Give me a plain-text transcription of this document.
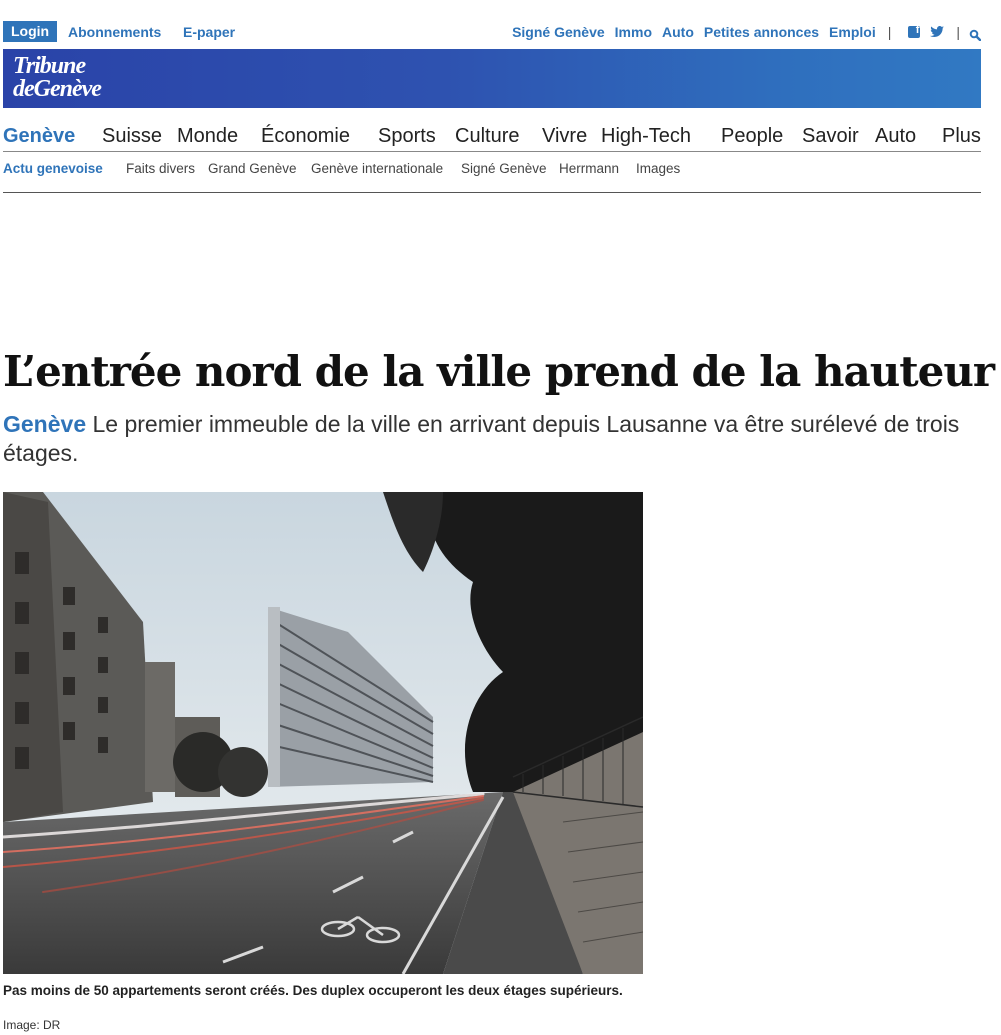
Login	Abonnements E-paper	Signé Genève Immo Auto Petites annonces Emploi |
f	|
Tribune
deGenève
Genève Suisse Monde Économie Sports Culture Vivre High-Tech People Savoir Auto Plus
Actu genevoise Faits divers Grand Genève Genève internationale Signé Genève Herrmann Images
L’entrée nord de la ville prend de la hauteur

Genève Le premier immeuble de la ville en arrivant depuis Lausanne va être surélevé de trois étages.

Pas moins de 50 appartements seront créés. Des duplex occuperont les deux étages supérieurs.

Image: DR
